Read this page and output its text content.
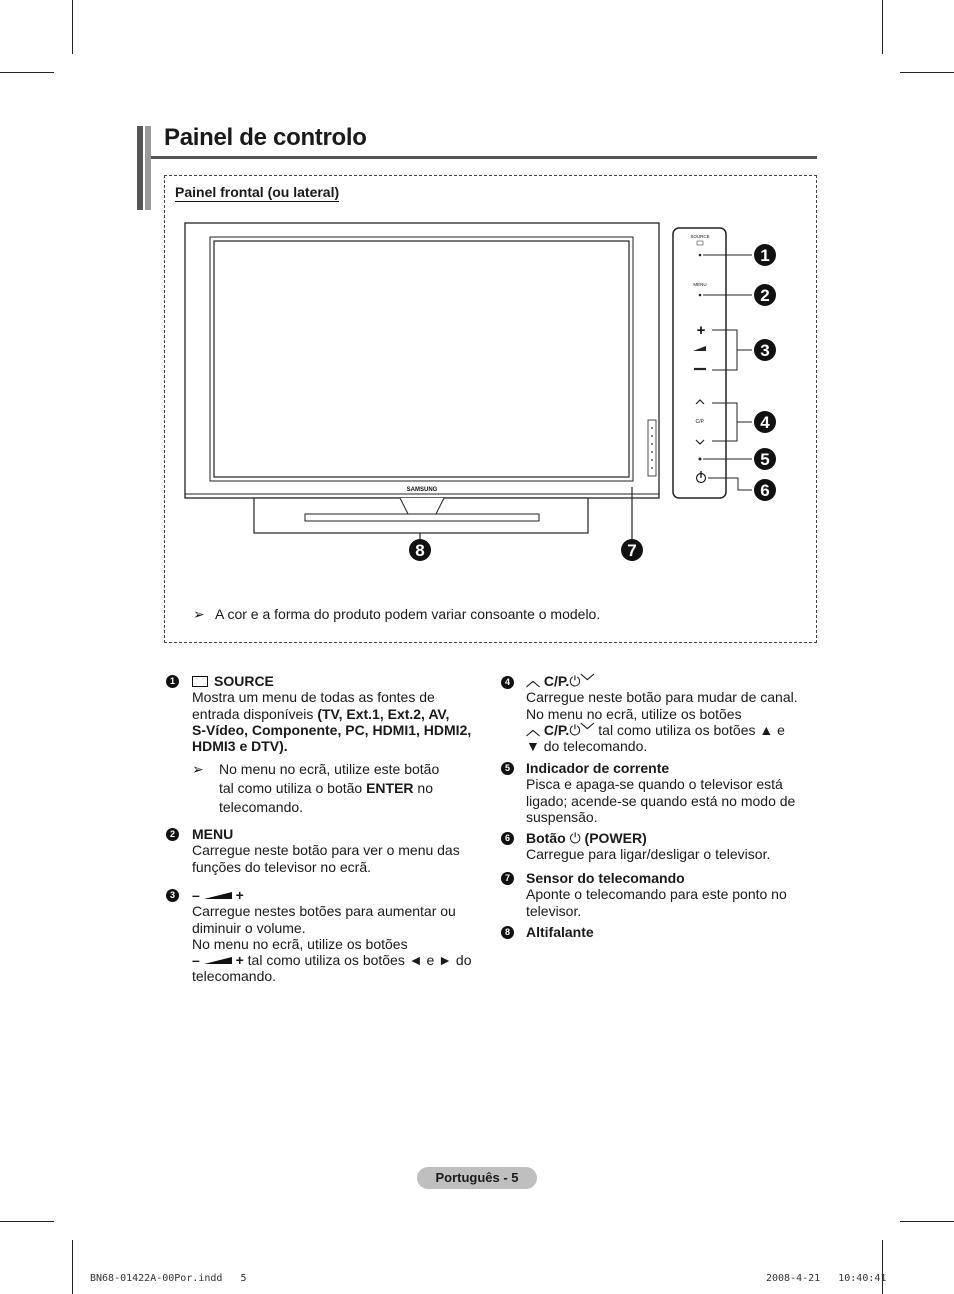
Painel de controlo
Painel frontal (ou lateral)
SAMSUNG
SOURCE
MENU
+
C/P.
1
2
3
4
5
6
8	7
➢ A cor e a forma do produto podem variar consoante o modelo.
1	SOURCE
Mostra um menu de todas as fontes de
entrada disponíveis (TV, Ext.1, Ext.2, AV,
S-Vídeo, Componente, PC, HDMI1, HDMI2,
HDMI3 e DTV).
➢ No menu no ecrã, utilize este botão
tal como utiliza o botão ENTER no
telecomando.
2 MENU
Carregue neste botão para ver o menu das
funções do televisor no ecrã.
3 –	+
Carregue nestes botões para aumentar ou
diminuir o volume.
No menu no ecrã, utilize os botões
–	+ tal como utiliza os botões ◄ e ► do
telecomando.
4 ︿ C/P.⏻﹀
Carregue neste botão para mudar de canal.
No menu no ecrã, utilize os botões
︿ C/P.⏻﹀ tal como utiliza os botões ▲ e
▼ do telecomando.
5 Indicador de corrente
Pisca e apaga-se quando o televisor está
ligado; acende-se quando está no modo de
suspensão.
6 Botão ⏻ (POWER)
Carregue para ligar/desligar o televisor.
7 Sensor do telecomando
Aponte o telecomando para este ponto no
televisor.
8 Altifalante
Português - 5
BN68-01422A-00Por.indd   5	2008-4-21   10:40:41
